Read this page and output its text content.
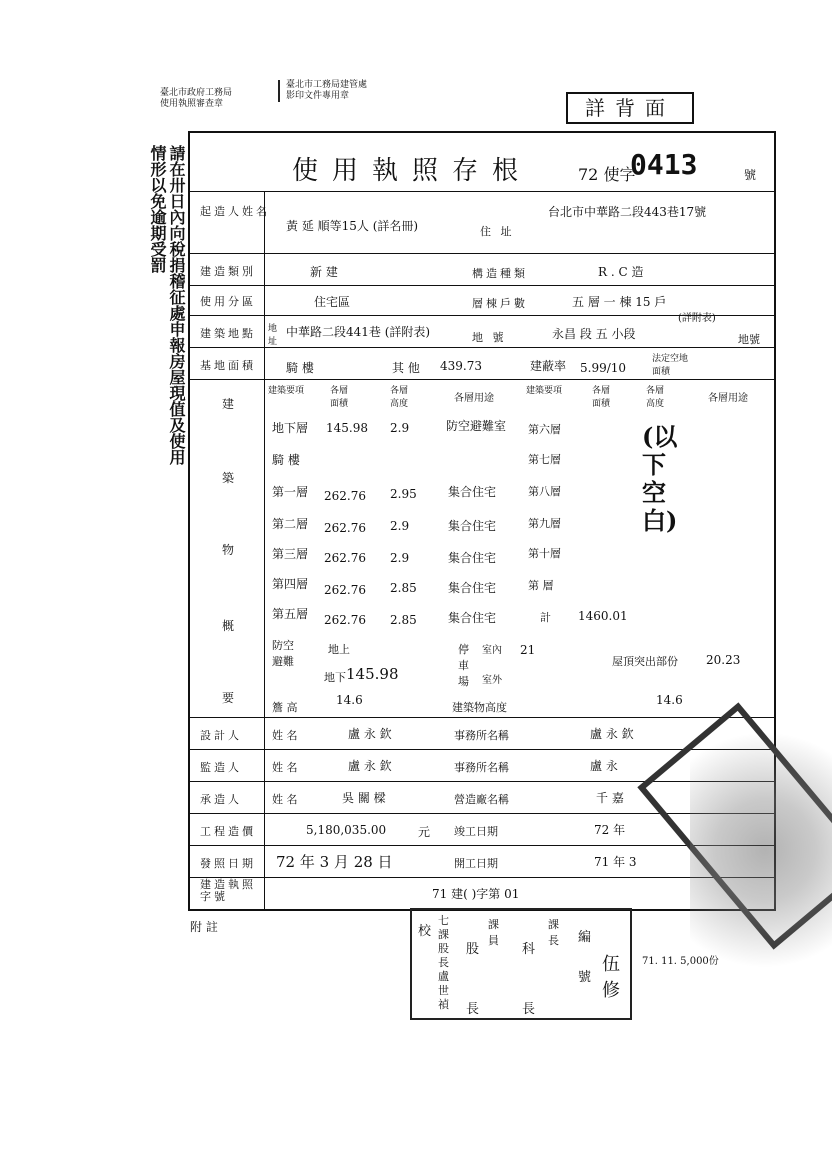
臺北市政府工務局
使用執照審查章
臺北市工務局建管處
影印文件專用章	詳背面
請在卅日內向稅捐稽征處申報房屋現值及使用情形以免逾期受罰	使用執照存根	72 使字
0413	號
起造人姓名
黃 延 順等15人 (詳名冊)	住 址
台北市中華路二段443巷17號
建造類別	新 建	構造種類	R . C 造
使用分區	住宅區	層棟戶數	五 層 一 棟 15 戶
(詳附表)
建築地點 地址
中華路二段441巷 (詳附表)	地 號	永昌 段 五 小段	地號
基地面積	騎 樓	其 他 439.73	建蔽率 5.99/10
法定空地面積
建築要項	各層面積
各層高度	各層用途
建築要項	各層面積
各層高度	各層用途
建
築
物
概
要
地下層 145.98 2.9	防空避難室
騎 樓
第一層 262.76 2.95	集合住宅
第二層 262.76 2.9	集合住宅
第三層 262.76 2.9	集合住宅
第四層 262.76 2.85	集合住宅
第五層 262.76 2.85	集合住宅
第六層
第七層
第八層
第九層
第十層
第 層
計 1460.01
(以下空白)
防空避難
地上
地下 145.98
停車場
室內 21
室外
屋頂突出部份 20.23
簷 高
14.6
建築物高度
14.6
設計人	姓 名	盧 永 欽	事務所名稱	盧 永 欽
監造人	姓 名	盧 永 欽	事務所名稱	盧 永
承造人	姓 名	吳 關 樑	營造廠名稱	千 嘉
工程造價	5,180,035.00	元 竣工日期	72 年
發照日期 72 年 3 月 28 日	開工日期	71 年 3
建造執照字號	71 建( )字第 01
附 註
71. 11. 5,000份
校
七課股長盧世禎
股 長
課員
科 長
課長 編號
伍修
